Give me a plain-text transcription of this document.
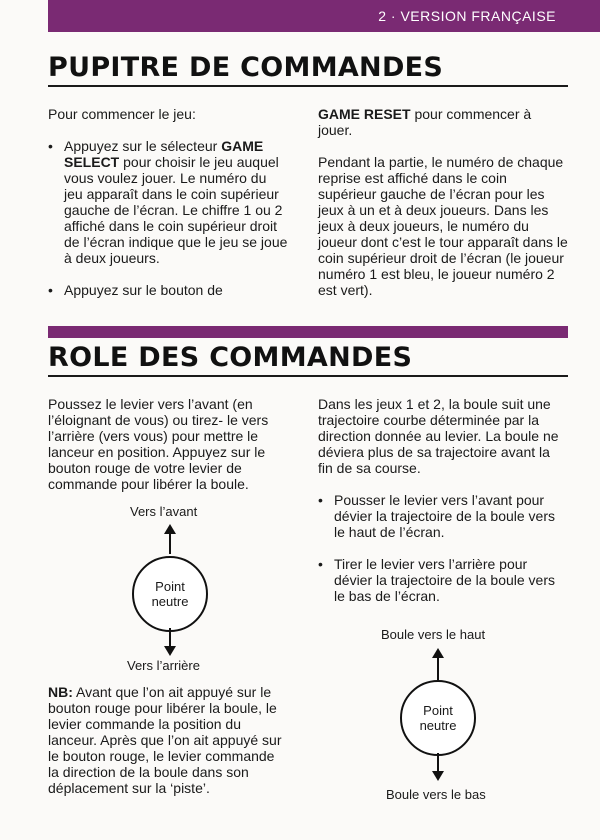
2 · VERSION FRANÇAISE
PUPITRE DE COMMANDES

Pour commencer le jeu:

• Appuyez sur le sélecteur GAME SELECT pour choisir le jeu auquel vous voulez jouer. Le numéro du jeu apparaît dans le coin supérieur gauche de l’écran. Le chiffre 1 ou 2 affiché dans le coin supérieur droit de l’écran indique que le jeu se joue à deux joueurs.

• Appuyez sur le bouton de

GAME RESET pour commencer à jouer.

Pendant la partie, le numéro de chaque reprise est affiché dans le coin supérieur gauche de l’écran pour les jeux à un et à deux joueurs. Dans les jeux à deux joueurs, le numéro du joueur dont c’est le tour apparaît dans le coin supérieur droit de l’écran (le joueur numéro 1 est bleu, le joueur numéro 2 est vert).

ROLE DES COMMANDES
Poussez le levier vers l’avant (en l’éloignant de vous) ou tirez- le vers l’arrière (vers vous) pour mettre le lanceur en position. Appuyez sur le bouton rouge de votre levier de commande pour libérer la boule.
Vers l’avant
Point
neutre
Vers l’arrière

NB: Avant que l’on ait appuyé sur le bouton rouge pour libérer la boule, le levier commande la position du lanceur. Après que l’on ait appuyé sur le bouton rouge, le levier commande la direction de la boule dans son déplacement sur la ‘piste’.

Dans les jeux 1 et 2, la boule suit une trajectoire courbe déterminée par la direction donnée au levier. La boule ne déviera plus de sa trajectoire avant la fin de sa course.

• Pousser le levier vers l’avant pour dévier la trajectoire de la boule vers le haut de l’écran.

• Tirer le levier vers l’arrière pour dévier la trajectoire de la boule vers le bas de l’écran.

Boule vers le haut
Point
neutre
Boule vers le bas
